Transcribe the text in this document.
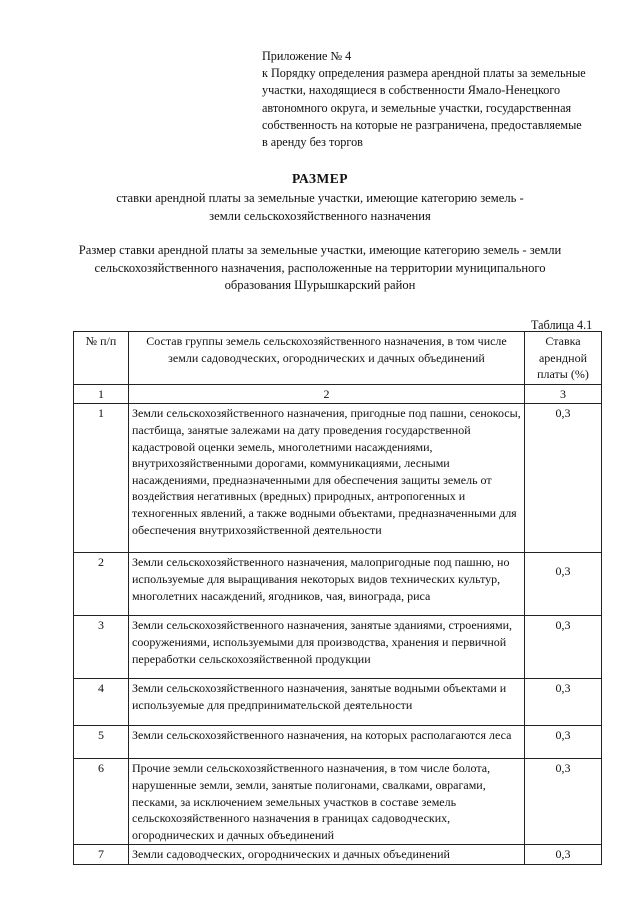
Приложение № 4
к Порядку определения размера арендной платы за земельные
участки, находящиеся в собственности Ямало-Ненецкого
автономного округа, и земельные участки, государственная
собственность на которые не разграничена, предоставляемые
в аренду без торгов
РАЗМЕР
ставки арендной платы за земельные участки, имеющие категорию земель -
земли сельскохозяйственного назначения
Размер ставки арендной платы за земельные участки, имеющие категорию земель - земли
сельскохозяйственного назначения, расположенные на территории муниципального
образования Шурышкарский район
Таблица 4.1
№ п/п	Состав группы земель сельскохозяйственного назначения, в том числе земли садоводческих, огороднических и дачных объединений	Ставка арендной платы (%)
1	2	3
1	Земли сельскохозяйственного назначения, пригодные под пашни, сенокосы, пастбища, занятые залежами на дату проведения государственной кадастровой оценки земель, многолетними насаждениями, внутрихозяйственными дорогами, коммуникациями, лесными насаждениями, предназначенными для обеспечения защиты земель от воздействия негативных (вредных) природных, антропогенных и техногенных явлений, а также водными объектами, предназначенными для обеспечения внутрихозяйственной деятельности	0,3
2	Земли сельскохозяйственного назначения, малопригодные под пашню, но используемые для выращивания некоторых видов технических культур, многолетних насаждений, ягодников, чая, винограда, риса	0,3
3	Земли сельскохозяйственного назначения, занятые зданиями, строениями, сооружениями, используемыми для производства, хранения и первичной переработки сельскохозяйственной продукции	0,3
4	Земли сельскохозяйственного назначения, занятые водными объектами и используемые для предпринимательской деятельности	0,3
5	Земли сельскохозяйственного назначения, на которых располагаются леса	0,3
6	Прочие земли сельскохозяйственного назначения, в том числе болота, нарушенные земли, земли, занятые полигонами, свалками, оврагами, песками, за исключением земельных участков в составе земель сельскохозяйственного назначения в границах садоводческих, огороднических и дачных объединений	0,3
7	Земли садоводческих, огороднических и дачных объединений	0,3
